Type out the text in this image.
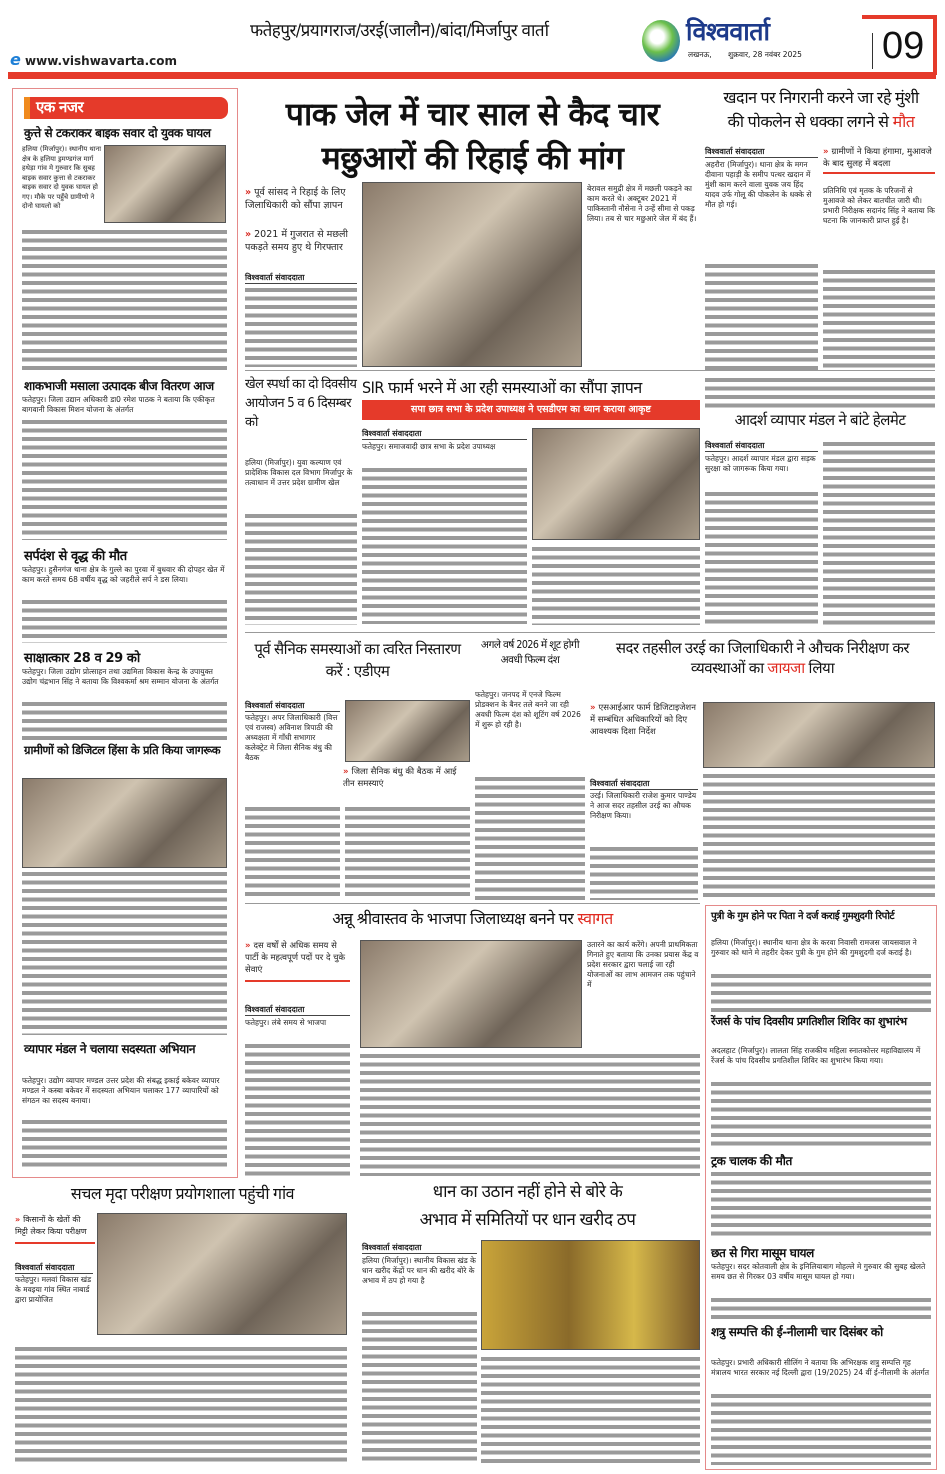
e www.vishwavarta.com
फतेहपुर/प्रयागराज/उरई(जालौन)/बांदा/मिर्जापुर वार्ता	विश्ववार्ता
लखनऊ, शुक्रवार, 28 नवंबर 2025 09
एक नजर
कुत्ते से टकराकर बाइक सवार दो युवक घायल
हलिया (मिर्जापुर)। स्थानीय थाना क्षेत्र के हलिया ड्रमण्डगंज मार्ग हथेड़ा गांव मे गुरुवार कि सुबह बाइक सवार कुत्ता से टकराकर बाइक सवार दो युवक घायल हो गए। मौके पर पहुँचे ग्रामीणो ने दोनो घायलो को
शाकभाजी मसाला उत्पादक बीज वितरण आज
फतेहपुर। जिला उद्यान अधिकारी डा0 रमेश पाठक ने बताया कि एकीकृत बागवानी विकास मिशन योजना के अंतर्गत
सर्पदंश से वृद्ध की मौत
फतेहपुर। हुसैनगंज थाना क्षेत्र के गुल्ले का पुरवा में बुधवार की दोपहर खेत में काम करते समय 68 वर्षीय वृद्ध को जहरीले सर्प ने डस लिया।
साक्षात्कार 28 व 29 को
फतेहपुर। जिला उद्योग प्रोत्साहन तथा उद्यमिता विकास केन्द्र के उपायुक्त उद्योग चंद्रभान सिंह ने बताया कि विश्वकर्मा श्रम सम्मान योजना के अंतर्गत
ग्रामीणों को डिजिटल हिंसा के प्रति किया जागरूक
व्यापार मंडल ने चलाया सदस्यता अभियान
फतेहपुर। उद्योग व्यापार मण्डल उत्तर प्रदेश की संबद्ध इकाई बकेवर व्यापार मण्डल ने कस्बा बकेवर में सदस्यता अभियान चलाकर 177 व्यापारियों को संगठन का सदस्य बनाया।
पाक जेल में चार साल से कैद चार
मछुआरों की रिहाई की मांग
» पूर्व सांसद ने रिहाई के लिए जिलाधिकारी को सौंपा ज्ञापन
» 2021 में गुजरात से मछली पकड़ते समय हुए थे गिरफ्तार
विश्ववार्ता संवाददाता
बेरावल समुद्री क्षेत्र में मछली पकड़ने का काम करते थे। अक्टूबर 2021 में पाकिस्तानी नौसेना ने उन्हें सीमा से पकड़ लिया। तब से चार मछुआरे जेल में बंद हैं।
खदान पर निगरानी करने जा रहे मुंशी
की पोकलेन से धक्का लगने से मौत
विश्ववार्ता संवाददाता
अहरौरा (मिर्जापुर)। थाना क्षेत्र के मगन दीवाना पहाड़ी के समीप पत्थर खदान में मुंशी काम करने वाला युवक जय हिंद यादव उर्फ गोलू की पोकलेन के धक्के से मौत हो गई।
» ग्रामीणों ने किया हंगामा, मुआवजे के बाद सुलह में बदला
प्रतिनिधि एवं मृतक के परिजनों से मुआवजे को लेकर बातचीत जारी थी। प्रभारी निरीक्षक सदानंद सिंह ने बताया कि घटना कि जानकारी प्राप्त हुई है।
खेल स्पर्धा का दो दिवसीय आयोजन 5 व 6 दिसम्बर को
हलिया (मिर्जापुर)। युवा कल्याण एवं प्रादेशिक विकास दल विभाग मिर्जापुर के तत्वाधान में उत्तर प्रदेश ग्रामीण खेल
SIR फार्म भरने में आ रही समस्याओं का सौंपा ज्ञापन
सपा छात्र सभा के प्रदेश उपाध्यक्ष ने एसडीएम का ध्यान कराया आकृष्ट
विश्ववार्ता संवाददाता
फतेहपुर। समाजवादी छात्र सभा के प्रदेश उपाध्यक्ष
आदर्श व्यापार मंडल ने बांटे हेलमेट
विश्ववार्ता संवाददाता
फतेहपुर। आदर्श व्यापार मंडल द्वारा सड़क सुरक्षा को जागरूक किया गया।
पूर्व सैनिक समस्याओं का त्वरित निस्तारण करें : एडीएम
विश्ववार्ता संवाददाता
फतेहपुर। अपर जिलाधिकारी (वित्त एवं राजस्व) अविनाश त्रिपाठी की अध्यक्षता में गाँधी सभागार कलेक्ट्रेट मे जिला सैनिक बंधु की बैठक
» जिला सैनिक बंधु की बैठक में आई तीन समस्याएं
अगले वर्ष 2026 में शूट होगी अवधी फिल्म दंश
फतेहपुर। जनपद में एनजे फिल्म प्रोडक्शन के बैनर तले बनने जा रही अवधी फिल्म दंश को शूटिंग वर्ष 2026 में शुरू हो रही है।
सदर तहसील उरई का जिलाधिकारी ने औचक निरीक्षण कर व्यवस्थाओं का जायजा लिया
» एसआईआर फार्म डिजिटाइजेशन में सम्बंधित अधिकारियों को दिए आवश्यक दिशा निर्देश
विश्ववार्ता संवाददाता
उरई। जिलाधिकारी राजेश कुमार पाण्डेय ने आज सदर तहसील उरई का औचक निरीक्षण किया।
अन्नू श्रीवास्तव के भाजपा जिलाध्यक्ष बनने पर स्वागत
» दस वर्षों से अधिक समय से पार्टी के महत्वपूर्ण पदों पर दे चुके सेवाएं
विश्ववार्ता संवाददाता
फतेहपुर। लंबे समय से भाजपा
उतारने का कार्य करेंगे। अपनी प्राथमिकता गिनाते हुए बताया कि उनका प्रयास केंद्र व प्रदेश सरकार द्वारा चलाई जा रही योजनाओं का लाभ आमजन तक पहुंचाने में
पुत्री के गुम होने पर पिता ने दर्ज कराई गुमशुदगी रिपोर्ट
हलिया (मिर्जापुर)। स्थानीय थाना क्षेत्र के करवा निवासी रामजस जायसवाल ने गुरुवार को थाने मे तहरीर देकर पुत्री के गुम होने की गुमशुदगी दर्ज कराई है।
रेंजर्स के पांच दिवसीय प्रगतिशील शिविर का शुभारंभ
अदलहाट (मिर्जापुर)। लालता सिंह राजकीय महिला स्नातकोत्तर महाविद्यालय में रेंजर्स के पांच दिवसीय प्रगतिशील शिविर का शुभारंभ किया गया।
ट्रक चालक की मौत
छत से गिरा मासूम घायल
फतेहपुर। सदर कोतवाली क्षेत्र के इनिलियाबाग मोहल्ले मे गुरुवार की सुबह खेलते समय छत से गिरकर 03 वर्षीय मासूम घायल हो गया।
शत्रु सम्पत्ति की ई-नीलामी चार दिसंबर को
फतेहपुर। प्रभारी अधिकारी सीलिंग ने बताया कि अभिरक्षक शत्रु सम्पत्ति गृह मंत्रालय भारत सरकार नई दिल्ली द्वारा (19/2025) 24 वीं ई-नीलामी के अंतर्गत
सचल मृदा परीक्षण प्रयोगशाला पहुंची गांव
» किसानों के खेतों की मिट्टी लेकर किया परीक्षण
विश्ववार्ता संवाददाता
फतेहपुर। मलवां विकास खंड के मवइया गांव स्थित नाबार्ड द्वारा प्रायोजित
धान का उठान नहीं होने से बोरे के
अभाव में समितियों पर धान खरीद ठप
विश्ववार्ता संवाददाता
हलिया (मिर्जापुर)। स्थानीय विकास खंड के धान खरीद केंद्रों पर धान की खरीद बोरे के अभाव में ठप हो गया है
